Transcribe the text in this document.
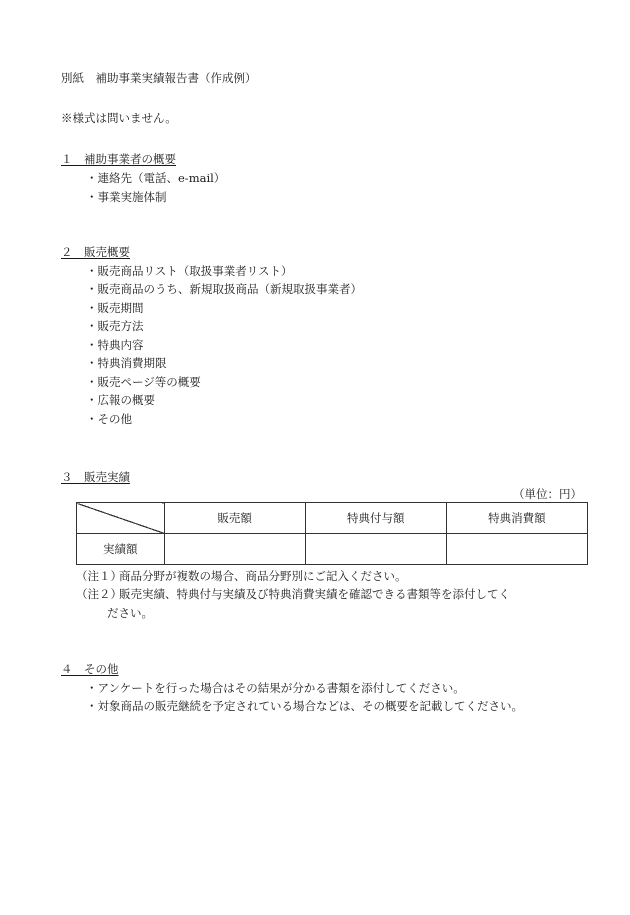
別紙　補助事業実績報告書（作成例）
※様式は問いません。
１　補助事業者の概要
・連絡先（電話、e-mail）
・事業実施体制
２　販売概要
・販売商品リスト（取扱事業者リスト）
・販売商品のうち、新規取扱商品（新規取扱事業者）
・販売期間
・販売方法
・特典内容
・特典消費期限
・販売ページ等の概要
・広報の概要
・その他
３　販売実績
（単位：円）
	販売額	特典付与額	特典消費額
実績額			
（注１）
商品分野が複数の場合、商品分野別にご記入ください。
（注２）
販売実績、特典付与実績及び特典消費実績を確認できる書類等を添付してく
ださい。
４　その他
・アンケートを行った場合はその結果が分かる書類を添付してください。
・対象商品の販売継続を予定されている場合などは、その概要を記載してください。
